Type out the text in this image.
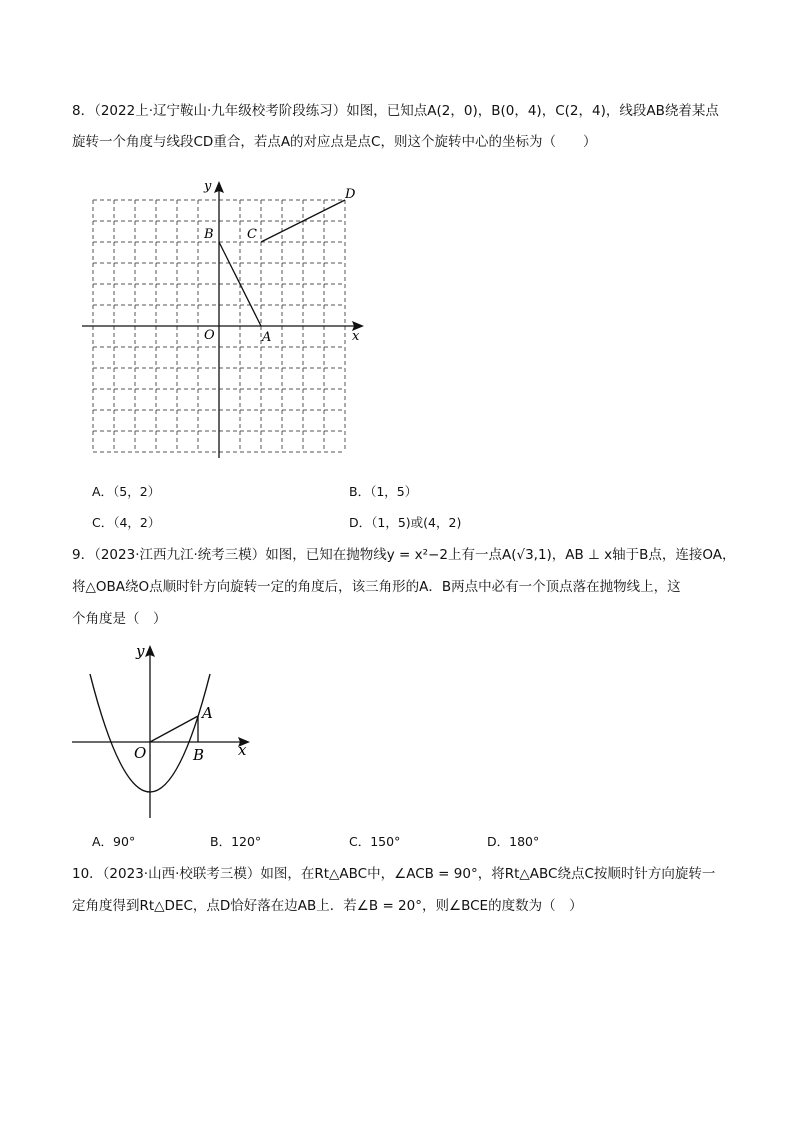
8．（2022上·辽宁鞍山·九年级校考阶段练习）如图，已知点A(2，0)，B(0，4)，C(2，4)，线段AB绕着某点
旋转一个角度与线段CD重合，若点A的对应点是点C，则这个旋转中心的坐标为（　　）
y
x
O	A
B	C
D
A．（5，2）	B．（1，5）
C．（4，2）	D．（1，5)或(4，2)
9．（2023·江西九江·统考三模）如图，已知在抛物线y = x²−2上有一点A(√3,1)，AB ⊥ x轴于B点，连接OA，
将△OBA绕O点顺时针方向旋转一定的角度后，该三角形的A．B两点中必有一个顶点落在抛物线上，这
个角度是（　）
y
x
O
A
B
A．90°	B．120°	C．150°	D．180°
10．（2023·山西·校联考三模）如图，在Rt△ABC中，∠ACB = 90°，将Rt△ABC绕点C按顺时针方向旋转一
定角度得到Rt△DEC，点D恰好落在边AB上．若∠B = 20°，则∠BCE的度数为（　）
